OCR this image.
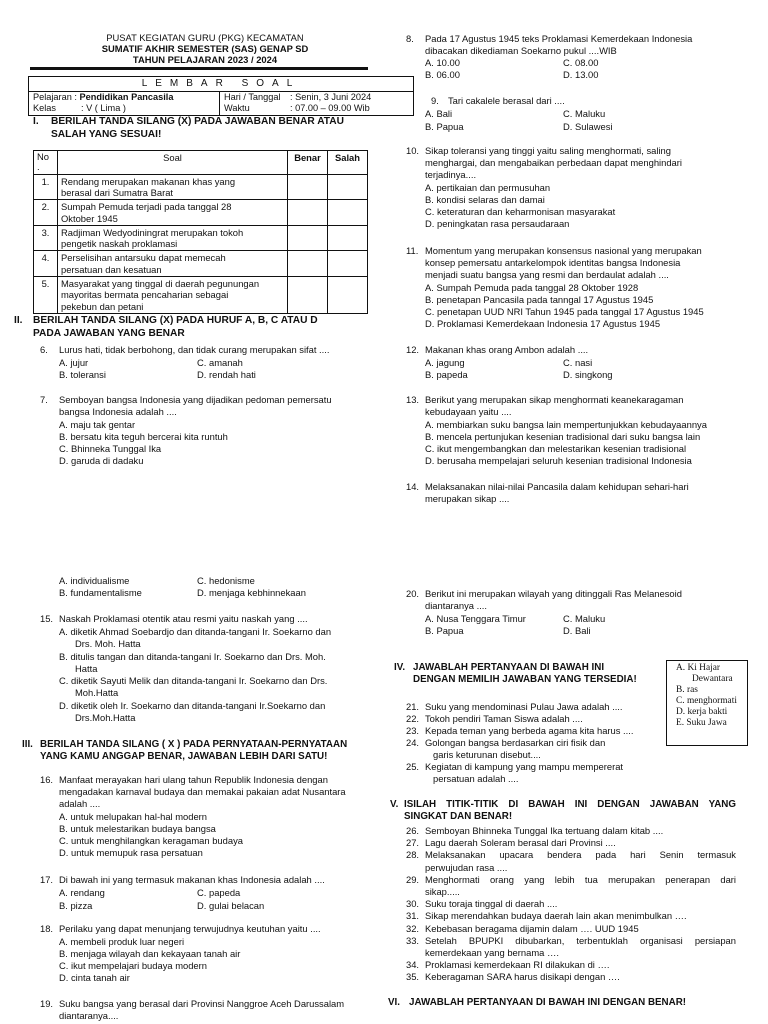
PUSAT KEGIATAN GURU (PKG) KECAMATAN
SUMATIF AKHIR SEMESTER (SAS) GENAP SD
TAHUN PELAJARAN 2023 / 2024
LEMBAR SOAL
Pelajaran : Pendidikan Pancasila
Kelas	: V ( Lima )
Hari / Tanggal : Senin, 3 Juni 2024
Waktu	: 07.00 – 09.00 Wib
I. BERILAH TANDA SILANG (X) PADA JAWABAN BENAR ATAU
SALAH YANG SESUAI!
No
.	Soal	Benar	Salah
1.	Rendang merupakan makanan khas yang
berasal dari Sumatra Barat		

2.	Sumpah Pemuda terjadi pada tanggal 28
Oktober 1945		

3.	Radjiman Wedyodiningrat merupakan tokoh
pengetik naskah proklamasi		

4.	Perselisihan antarsuku dapat memecah
persatuan dan kesatuan		

5.	Masyarakat yang tinggal di daerah pegunungan
mayoritas bermata pencaharian sebagai
pekebun dan petani		

II. BERILAH TANDA SILANG (X) PADA HURUF A, B, C ATAU D
PADA JAWABAN YANG BENAR
6. Lurus hati, tidak berbohong, dan tidak curang merupakan sifat ....
A. jujur
B. toleransi
C. amanah
D. rendah hati
7. Semboyan bangsa Indonesia yang dijadikan pedoman pemersatu
bangsa Indonesia adalah ....
A. maju tak gentar
B. bersatu kita teguh bercerai kita runtuh
C. Bhinneka Tunggal Ika
D. garuda di dadaku
A. individualisme
B. fundamentalisme
C. hedonisme
D. menjaga kebhinnekaan
15. Naskah Proklamasi otentik atau resmi yaitu naskah yang ....
A. diketik Ahmad Soebardjo dan ditanda-tangani Ir. Soekarno dan
Drs. Moh. Hatta
B. ditulis tangan dan ditanda-tangani Ir. Soekarno dan Drs. Moh.
Hatta
C. diketik Sayuti Melik dan ditanda-tangani Ir. Soekarno dan Drs.
Moh.Hatta
D. diketik oleh Ir. Soekarno dan ditanda-tangani Ir.Soekarno dan
Drs.Moh.Hatta
III. BERILAH TANDA SILANG ( X ) PADA PERNYATAAN-PERNYATAAN
YANG KAMU ANGGAP BENAR, JAWABAN LEBIH DARI SATU!
16. Manfaat merayakan hari ulang tahun Republik Indonesia dengan
mengadakan karnaval budaya dan memakai pakaian adat Nusantara
adalah ....
A. untuk melupakan hal-hal modern
B. untuk melestarikan budaya bangsa
C. untuk menghilangkan keragaman budaya
D. untuk memupuk rasa persatuan
17. Di bawah ini yang termasuk makanan khas Indonesia adalah ....
A. rendang
B. pizza
C. papeda
D. gulai belacan
18. Perilaku yang dapat menunjang terwujudnya keutuhan yaitu ....
A. membeli produk luar negeri
B. menjaga wilayah dan kekayaan tanah air
C. ikut mempelajari budaya modern
D. cinta tanah air
19. Suku bangsa yang berasal dari Provinsi Nanggroe Aceh Darussalam
diantaranya....
8. Pada 17 Agustus 1945 teks Proklamasi Kemerdekaan Indonesia
dibacakan dikediaman Soekarno pukul ....WIB
A. 10.00
B. 06.00
C. 08.00
D. 13.00
9. Tari cakalele berasal dari ....
A. Bali
B. Papua
C. Maluku
D. Sulawesi
10. Sikap toleransi yang tinggi yaitu saling menghormati, saling
menghargai, dan mengabaikan perbedaan dapat menghindari
terjadinya....
A. pertikaian dan permusuhan
B. kondisi selaras dan damai
C. keteraturan dan keharmonisan masyarakat
D. peningkatan rasa persaudaraan
11. Momentum yang merupakan konsensus nasional yang merupakan
konsep pemersatu antarkelompok identitas bangsa Indonesia
menjadi suatu bangsa yang resmi dan berdaulat adalah ....
A. Sumpah Pemuda pada tanggal 28 Oktober 1928
B. penetapan Pancasila pada tanngal 17 Agustus 1945
C. penetapan UUD NRI Tahun 1945 pada tanggal 17 Agustus 1945
D. Proklamasi Kemerdekaan Indonesia 17 Agustus 1945
12. Makanan khas orang Ambon adalah ....
A. jagung
B. papeda
C. nasi
D. singkong
13. Berikut yang merupakan sikap menghormati keanekaragaman
kebudayaan yaitu ....
A. membiarkan suku bangsa lain mempertunjukkan kebudayaannya
B. mencela pertunjukan kesenian tradisional dari suku bangsa lain
C. ikut mengembangkan dan melestarikan kesenian tradisional
D. berusaha mempelajari seluruh kesenian tradisional Indonesia
14. Melaksanakan nilai-nilai Pancasila dalam kehidupan sehari-hari
merupakan sikap ....
20. Berikut ini merupakan wilayah yang ditinggali Ras Melanesoid
diantaranya ....
A. Nusa Tenggara Timur
B. Papua
C. Maluku
D. Bali
IV. JAWABLAH PERTANYAAN DI BAWAH INI
DENGAN MEMILIH JAWABAN YANG TERSEDIA!
A. Ki Hajar
Dewantara
B. ras
C. menghormati
D. kerja bakti
E. Suku Jawa
21. Suku yang mendominasi Pulau Jawa adalah ....
22. Tokoh pendiri Taman Siswa adalah ....
23. Kepada teman yang berbeda agama kita harus ....
24. Golongan bangsa berdasarkan ciri fisik dan
garis keturunan disebut....
25. Kegiatan di kampung yang mampu mempererat
persatuan adalah ....
V. ISILAH TITIK-TITIK DI BAWAH INI DENGAN JAWABAN YANG
SINGKAT DAN BENAR!
26. Semboyan Bhinneka Tunggal Ika tertuang dalam kitab ....
27. Lagu daerah Soleram berasal dari Provinsi ....
28. Melaksanakan upacara bendera pada hari Senin termasuk
perwujudan rasa ....
29. Menghormati orang yang lebih tua merupakan penerapan dari
sikap.....
30. Suku toraja tinggal di daerah ....
31. Sikap merendahkan budaya daerah lain akan menimbulkan ….
32. Kebebasan beragama dijamin dalam …. UUD 1945
33. Setelah BPUPKI dibubarkan, terbentuklah organisasi persiapan
kemerdekaan yang bernama ….
34. Proklamasi kemerdekaan RI dilakukan di ….
35. Keberagaman SARA harus disikapi dengan ….
VI. JAWABLAH PERTANYAAN DI BAWAH INI DENGAN BENAR!
